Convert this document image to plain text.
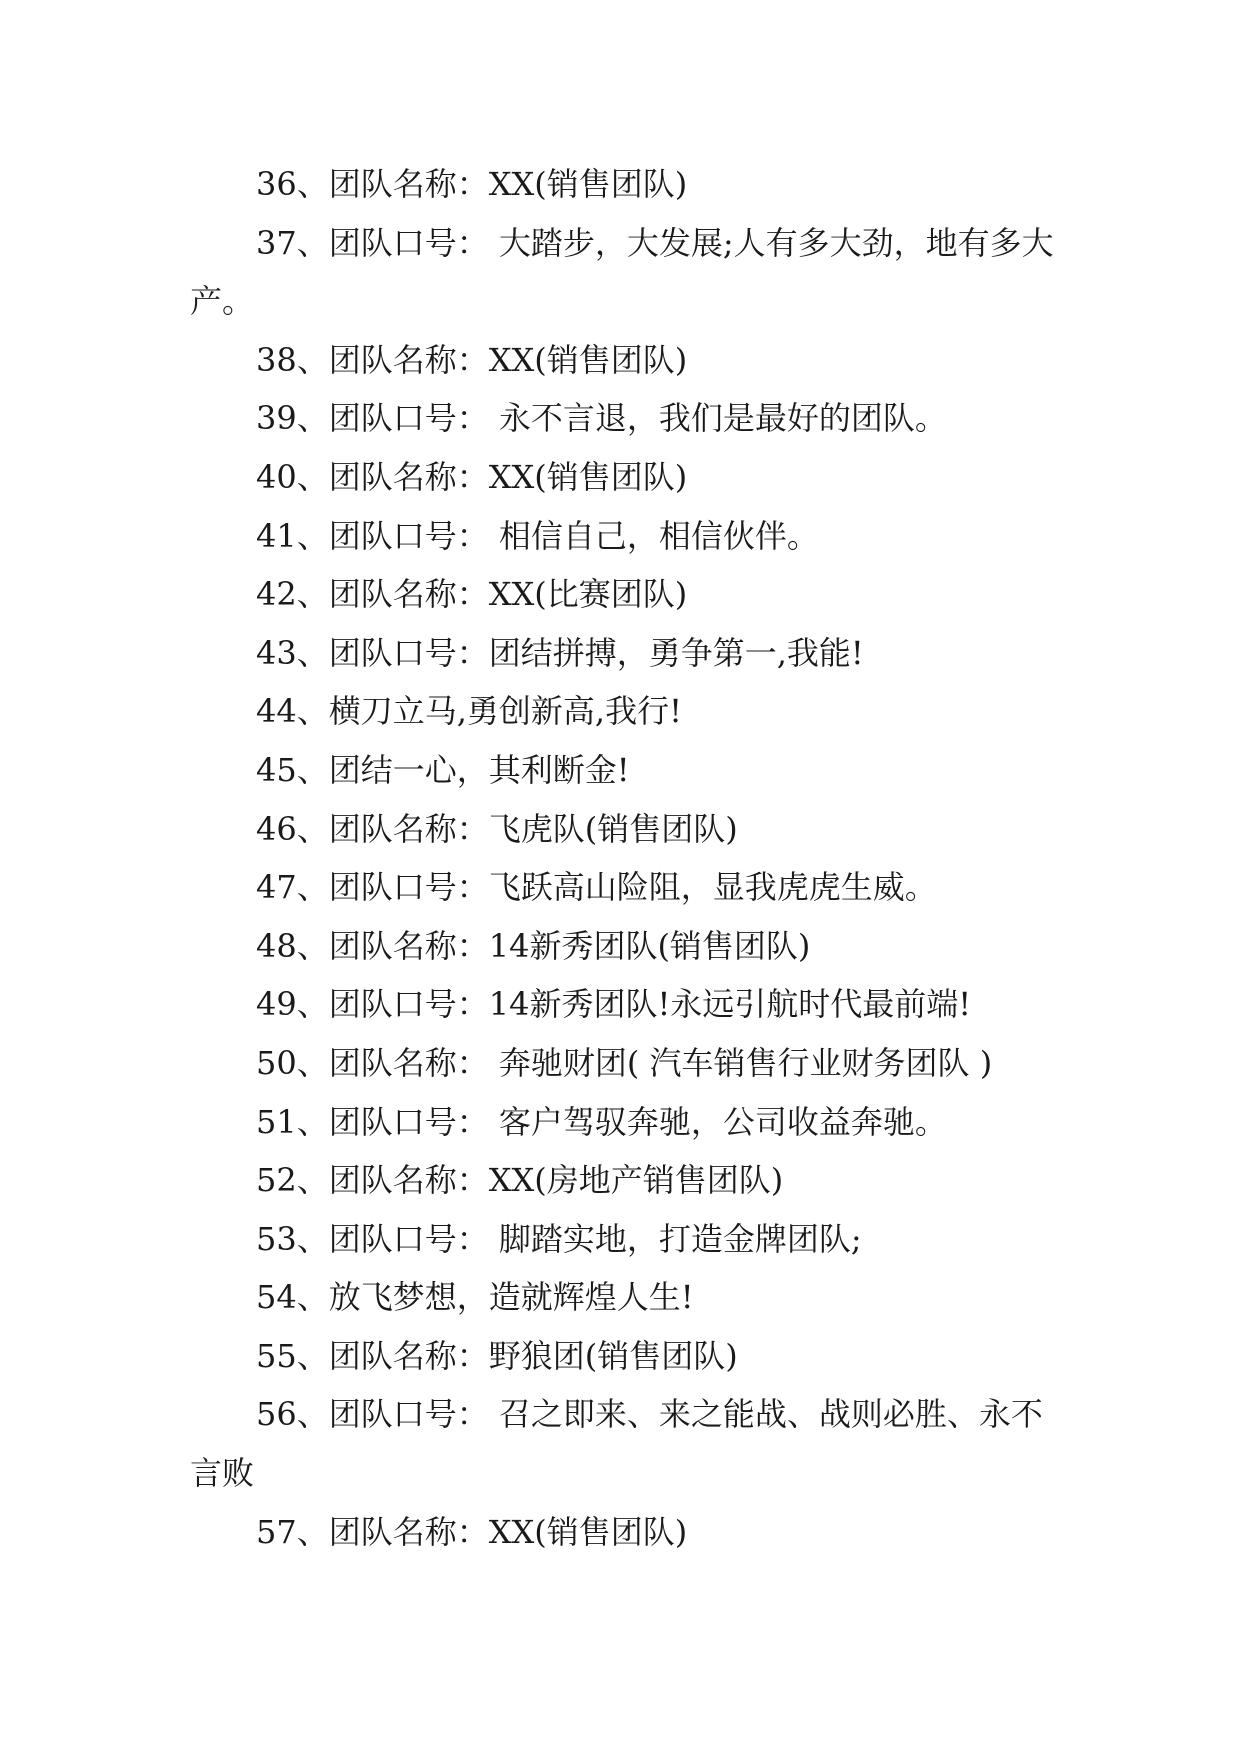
36、团队名称：XX(销售团队)

37、团队口号： 大踏步，大发展;人有多大劲，地有多大产。

38、团队名称：XX(销售团队)

39、团队口号： 永不言退，我们是最好的团队。

40、团队名称：XX(销售团队)

41、团队口号： 相信自己，相信伙伴。

42、团队名称：XX(比赛团队)

43、团队口号：团结拼搏，勇争第一,我能!

44、横刀立马,勇创新高,我行!

45、团结一心，其利断金!

46、团队名称：飞虎队(销售团队)

47、团队口号：飞跃高山险阻，显我虎虎生威。

48、团队名称：14新秀团队(销售团队)

49、团队口号：14新秀团队!永远引航时代最前端!

50、团队名称： 奔驰财团( 汽车销售行业财务团队 )

51、团队口号： 客户驾驭奔驰，公司收益奔驰。

52、团队名称：XX(房地产销售团队)

53、团队口号： 脚踏实地，打造金牌团队;

54、放飞梦想，造就辉煌人生!

55、团队名称：野狼团(销售团队)

56、团队口号： 召之即来、来之能战、战则必胜、永不言败

57、团队名称：XX(销售团队)
